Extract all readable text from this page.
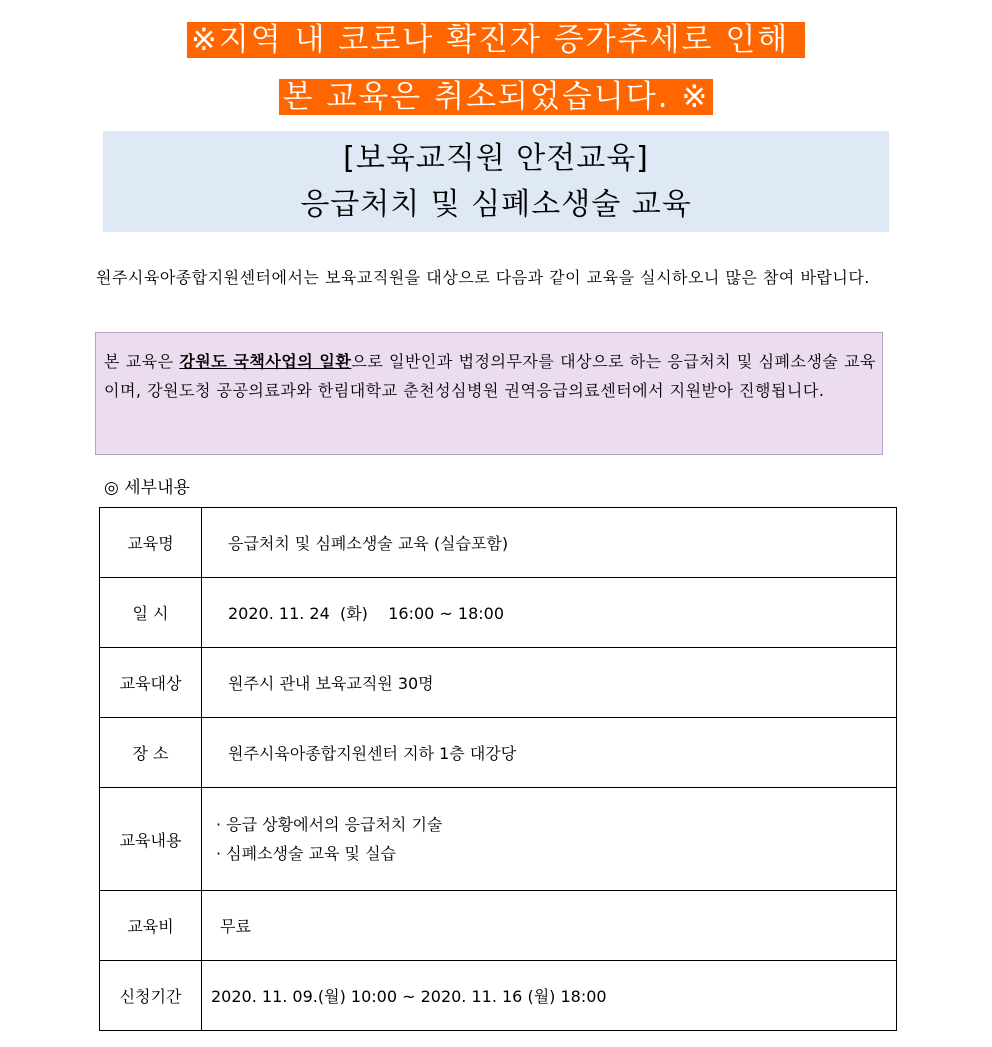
※지역 내 코로나 확진자 증가추세로 인해
본 교육은 취소되었습니다. ※
[보육교직원 안전교육]
응급처치 및 심폐소생술 교육
원주시육아종합지원센터에서는 보육교직원을 대상으로 다음과 같이 교육을 실시하오니 많은 참여 바랍니다.
본 교육은 강원도 국책사업의 일환으로 일반인과 법정의무자를 대상으로 하는 응급처치 및 심폐소생술 교육이며, 강원도청 공공의료과와 한림대학교 춘천성심병원 권역응급의료센터에서 지원받아 진행됩니다.
◎ 세부내용
교육명	응급처치 및 심폐소생술 교육 (실습포함)
일 시	2020. 11. 24  (화)    16:00 ~ 18:00
교육대상	원주시 관내 보육교직원 30명
장 소	원주시육아종합지원센터 지하 1층 대강당
교육내용	· 응급 상황에서의 응급처치 기술
· 심폐소생술 교육 및 실습

교육비	무료
신청기간	2020. 11. 09.(월) 10:00 ~ 2020. 11. 16 (월) 18:00
